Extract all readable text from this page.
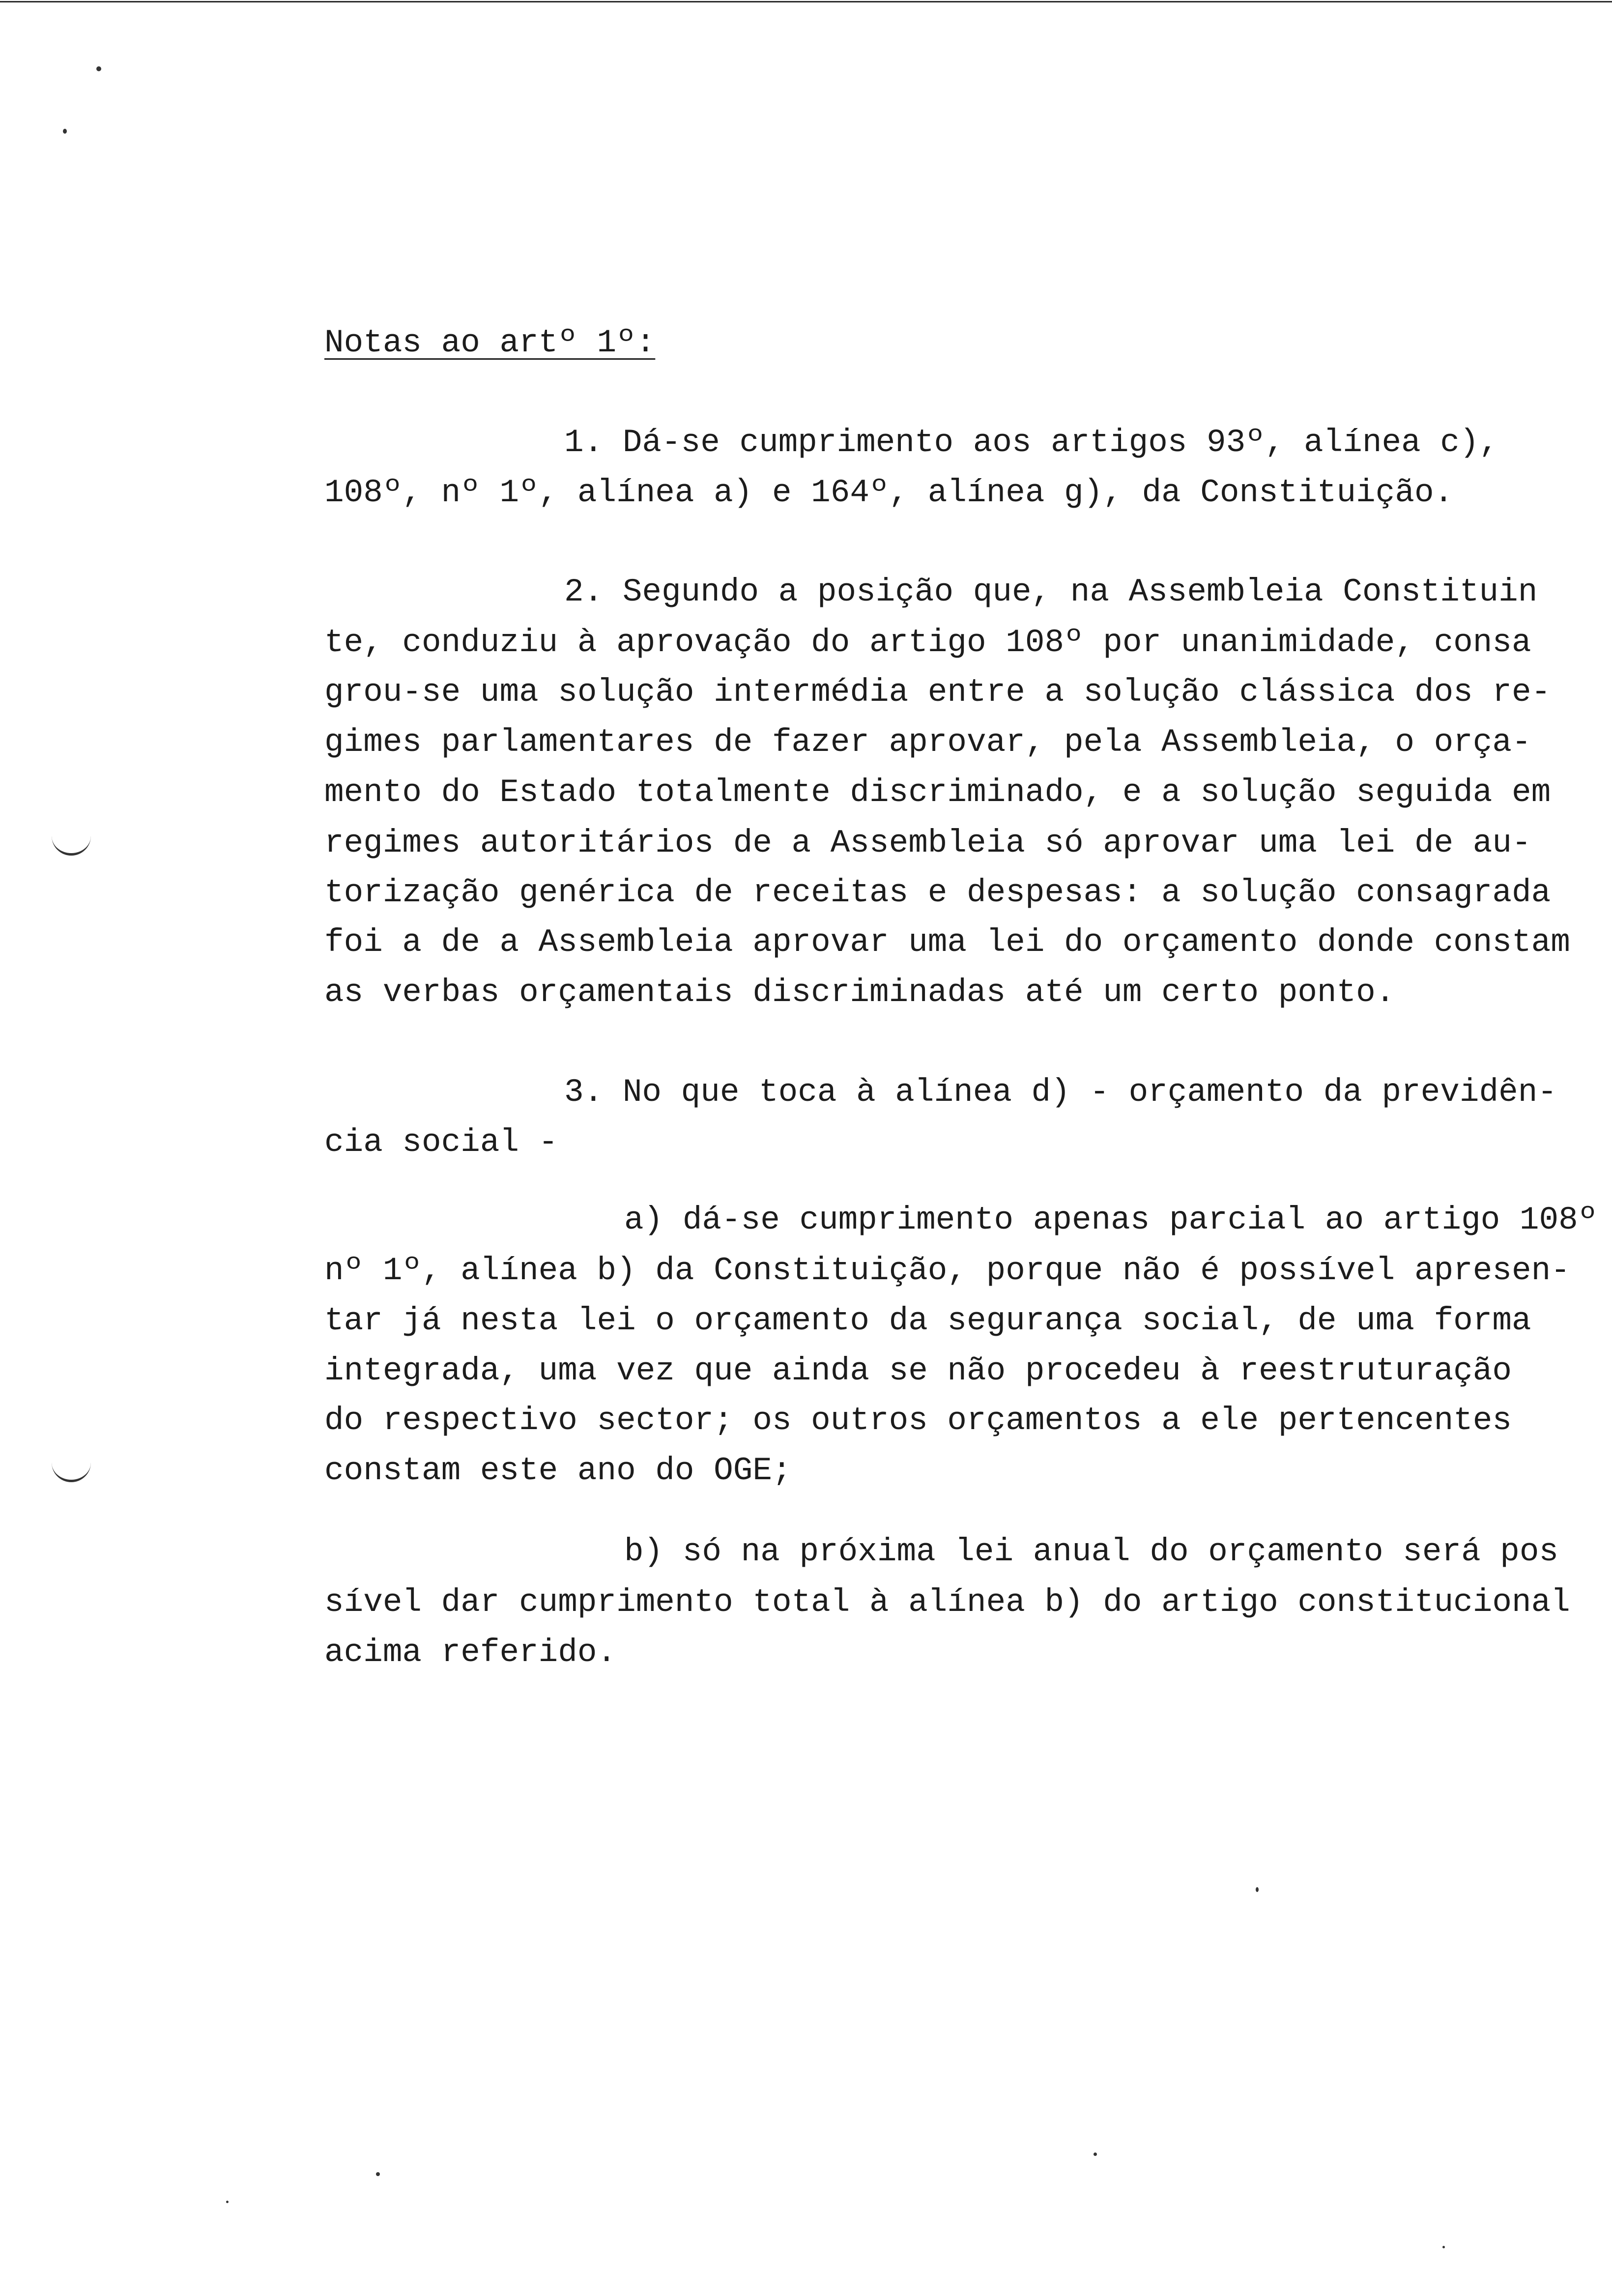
Notas ao artº 1º:
1. Dá-se cumprimento aos artigos 93º, alínea c),
108º, nº 1º, alínea a) e 164º, alínea g), da Constituição.
2. Segundo a posição que, na Assembleia Constituin
te, conduziu à aprovação do artigo 108º por unanimidade, consa
grou-se uma solução intermédia entre a solução clássica dos re-
gimes parlamentares de fazer aprovar, pela Assembleia, o orça-
mento do Estado totalmente discriminado, e a solução seguida em
regimes autoritários de a Assembleia só aprovar uma lei de au-
torização genérica de receitas e despesas: a solução consagrada
foi a de a Assembleia aprovar uma lei do orçamento donde constam
as verbas orçamentais discriminadas até um certo ponto.
3. No que toca à alínea d) - orçamento da previdên-
cia social -
a) dá-se cumprimento apenas parcial ao artigo 108º
nº 1º, alínea b) da Constituição, porque não é possível apresen-
tar já nesta lei o orçamento da segurança social, de uma forma
integrada, uma vez que ainda se não procedeu à reestruturação
do respectivo sector; os outros orçamentos a ele pertencentes
constam este ano do OGE;
b) só na próxima lei anual do orçamento será pos
sível dar cumprimento total à alínea b) do artigo constitucional
acima referido.
